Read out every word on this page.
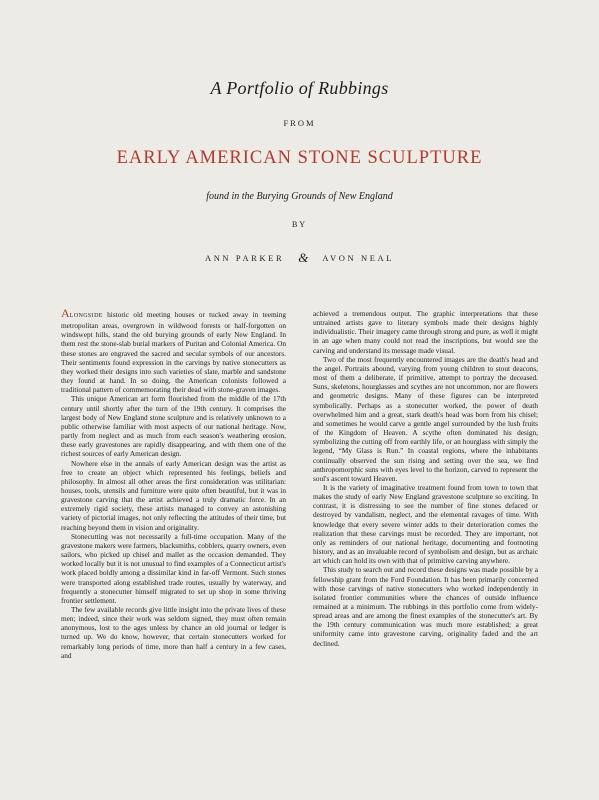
A Portfolio of Rubbings
FROM
EARLY AMERICAN STONE SCULPTURE
found in the Burying Grounds of New England
BY
ANN PARKER & AVON NEAL

ALONGSIDE historic old meeting houses or tucked away in teeming metropolitan areas, overgrown in wildwood forests or half-forgotten on windswept hills, stand the old burying grounds of early New England. In them rest the stone-slab burial markers of Puritan and Colonial America. On these stones are engraved the sacred and secular symbols of our ancestors. Their sentiments found expression in the carvings by native stonecutters as they worked their designs into such varieties of slate, marble and sandstone they found at hand. In so doing, the American colonists followed a traditional pattern of commemorating their dead with stone-graven images.

This unique American art form flourished from the middle of the 17th century until shortly after the turn of the 19th century. It comprises the largest body of New England stone sculpture and is relatively unknown to a public otherwise familiar with most aspects of our national heritage. Now, partly from neglect and as much from each season's weathering erosion, these early gravestones are rapidly disappearing, and with them one of the richest sources of early American design.

Nowhere else in the annals of early American design was the artist as free to create an object which represented his feelings, beliefs and philosophy. In almost all other areas the first consideration was utilitarian: houses, tools, utensils and furniture were quite often beautiful, but it was in gravestone carving that the artist achieved a truly dramatic force. In an extremely rigid society, these artists managed to convey an astonishing variety of pictorial images, not only reflecting the attitudes of their time, but reaching beyond them in vision and originality.

Stonecutting was not necessarily a full-time occupation. Many of the gravestone makers were farmers, blacksmiths, cobblers, quarry owners, even sailors, who picked up chisel and mallet as the occasion demanded. They worked locally but it is not unusual to find examples of a Connecticut artist's work placed boldly among a dissimilar kind in far-off Vermont. Such stones were transported along established trade routes, usually by waterway, and frequently a stonecutter himself migrated to set up shop in some thriving frontier settlement.

The few available records give little insight into the private lives of these men; indeed, since their work was seldom signed, they must often remain anonymous, lost to the ages unless by chance an old journal or ledger is turned up. We do know, however, that certain stonecutters worked for remarkably long periods of time, more than half a century in a few cases, and

achieved a tremendous output. The graphic interpretations that these untrained artists gave to literary symbols made their designs highly individualistic. Their imagery came through strong and pure, as well it might in an age when many could not read the inscriptions, but would see the carving and understand its message made visual.

Two of the most frequently encountered images are the death's head and the angel. Portraits abound, varying from young children to stout deacons, most of them a deliberate, if primitive, attempt to portray the deceased. Suns, skeletons, hourglasses and scythes are not uncommon, nor are flowers and geometric designs. Many of these figures can be interpreted symbolically. Perhaps as a stonecutter worked, the power of death overwhelmed him and a great, stark death's head was born from his chisel; and sometimes he would carve a gentle angel surrounded by the lush fruits of the Kingdom of Heaven. A scythe often dominated his design, symbolizing the cutting off from earthly life, or an hourglass with simply the legend, “My Glass is Run.” In coastal regions, where the inhabitants continually observed the sun rising and setting over the sea, we find anthropomorphic suns with eyes level to the horizon, carved to represent the soul's ascent toward Heaven.

It is the variety of imaginative treatment found from town to town that makes the study of early New England gravestone sculpture so exciting. In contrast, it is distressing to see the number of fine stones defaced or destroyed by vandalism, neglect, and the elemental ravages of time. With knowledge that every severe winter adds to their deterioration comes the realization that these carvings must be recorded. They are important, not only as reminders of our national heritage, documenting and footnoting history, and as an invaluable record of symbolism and design, but as archaic art which can hold its own with that of primitive carving anywhere.

This study to search out and record these designs was made possible by a fellowship grant from the Ford Foundation. It has been primarily concerned with those carvings of native stonecutters who worked independently in isolated frontier communities where the chances of outside influence remained at a minimum. The rubbings in this portfolio come from widely-spread areas and are among the finest examples of the stonecutter's art. By the 19th century communication was much more established; a great uniformity came into gravestone carving, originality faded and the art declined.
